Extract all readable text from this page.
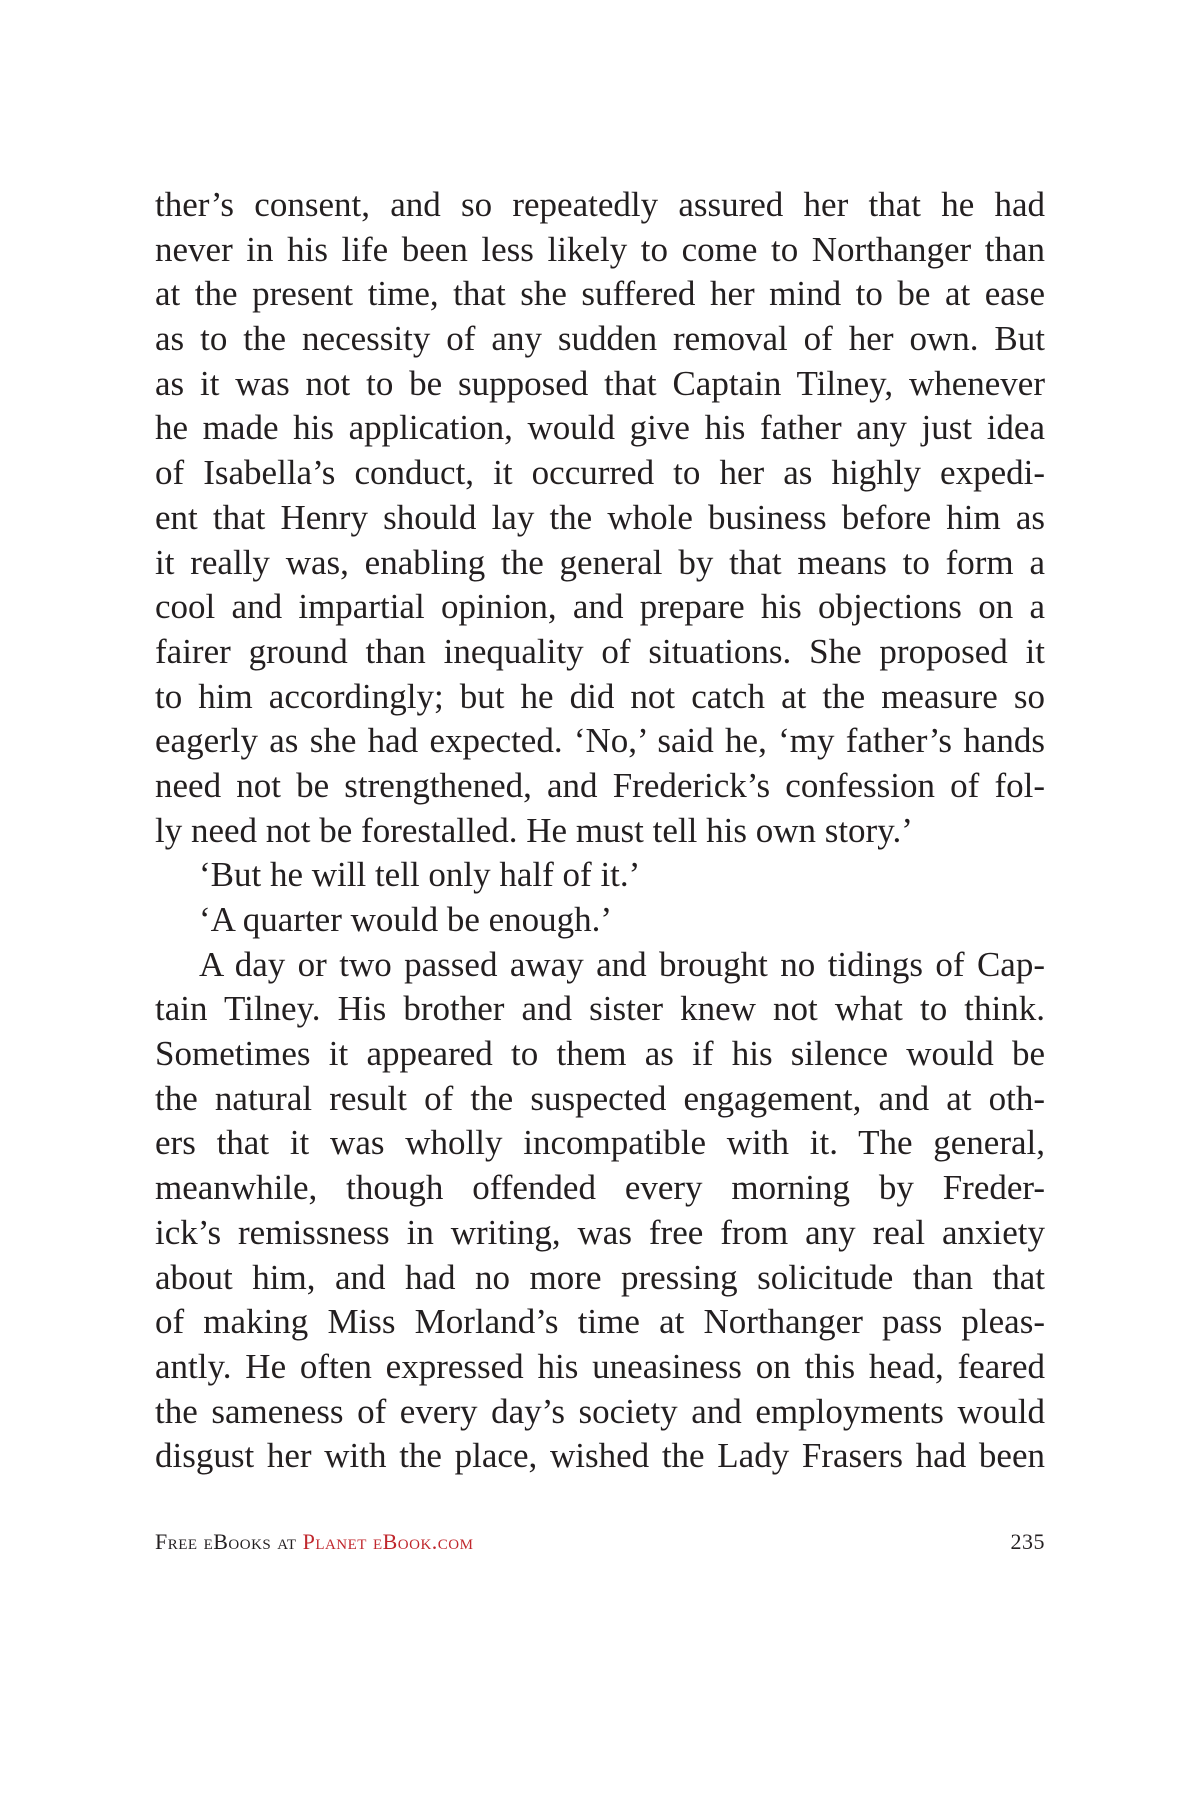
ther’s consent, and so repeatedly assured her that he had
never in his life been less likely to come to Northanger than
at the present time, that she suffered her mind to be at ease
as to the necessity of any sudden removal of her own. But
as it was not to be supposed that Captain Tilney, whenever
he made his application, would give his father any just idea
of Isabella’s conduct, it occurred to her as highly expedi-
ent that Henry should lay the whole business before him as
it really was, enabling the general by that means to form a
cool and impartial opinion, and prepare his objections on a
fairer ground than inequality of situations. She proposed it
to him accordingly; but he did not catch at the measure so
eagerly as she had expected. ‘No,’ said he, ‘my father’s hands
need not be strengthened, and Frederick’s confession of fol-
ly need not be forestalled. He must tell his own story.’
‘But he will tell only half of it.’
‘A quarter would be enough.’
A day or two passed away and brought no tidings of Cap-
tain Tilney. His brother and sister knew not what to think.
Sometimes it appeared to them as if his silence would be
the natural result of the suspected engagement, and at oth-
ers that it was wholly incompatible with it. The general,
meanwhile, though offended every morning by Freder-
ick’s remissness in writing, was free from any real anxiety
about him, and had no more pressing solicitude than that
of making Miss Morland’s time at Northanger pass pleas-
antly. He often expressed his uneasiness on this head, feared
the sameness of every day’s society and employments would
disgust her with the place, wished the Lady Frasers had been
Free eBooks at Planet eBook.com	235
